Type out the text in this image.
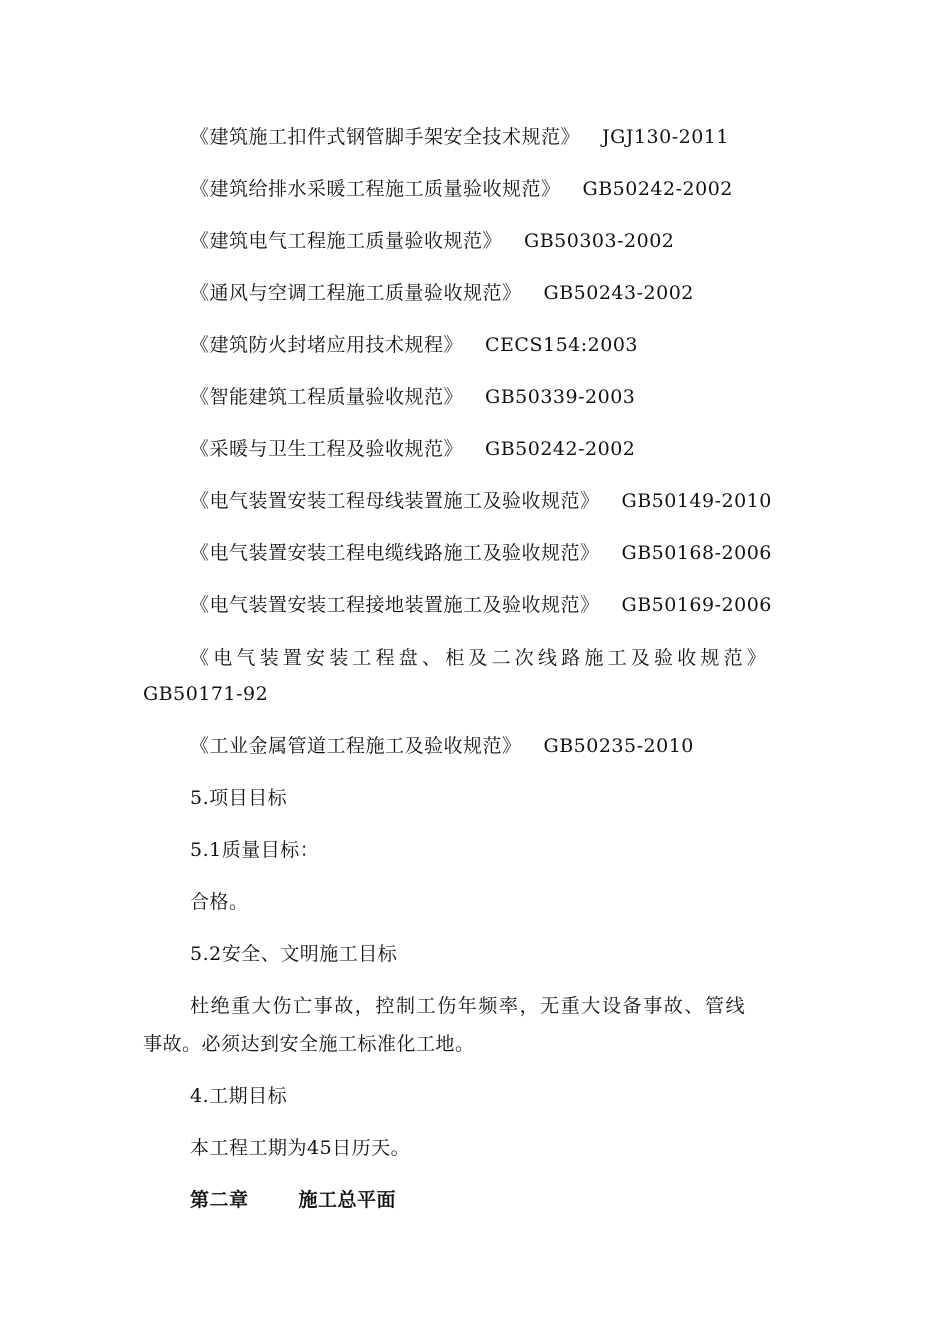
《建筑施工扣件式钢管脚手架安全技术规范》 JGJ130-2011
《建筑给排水采暖工程施工质量验收规范》 GB50242-2002
《建筑电气工程施工质量验收规范》 GB50303-2002
《通风与空调工程施工质量验收规范》 GB50243-2002
《建筑防火封堵应用技术规程》 CECS154:2003
《智能建筑工程质量验收规范》 GB50339-2003
《采暖与卫生工程及验收规范》 GB50242-2002
《电气装置安装工程母线装置施工及验收规范》 GB50149-2010
《电气装置安装工程电缆线路施工及验收规范》 GB50168-2006
《电气装置安装工程接地装置施工及验收规范》 GB50169-2006
《电气装置安装工程盘、柜及二次线路施工及验收规范》
GB50171-92
《工业金属管道工程施工及验收规范》 GB50235-2010
5.项目目标
5.1质量目标：
合格。
5.2安全、文明施工目标
杜绝重大伤亡事故，控制工伤年频率，无重大设备事故、管线
事故。必须达到安全施工标准化工地。
4.工期目标
本工程工期为45日历天。
第二章	施工总平面
